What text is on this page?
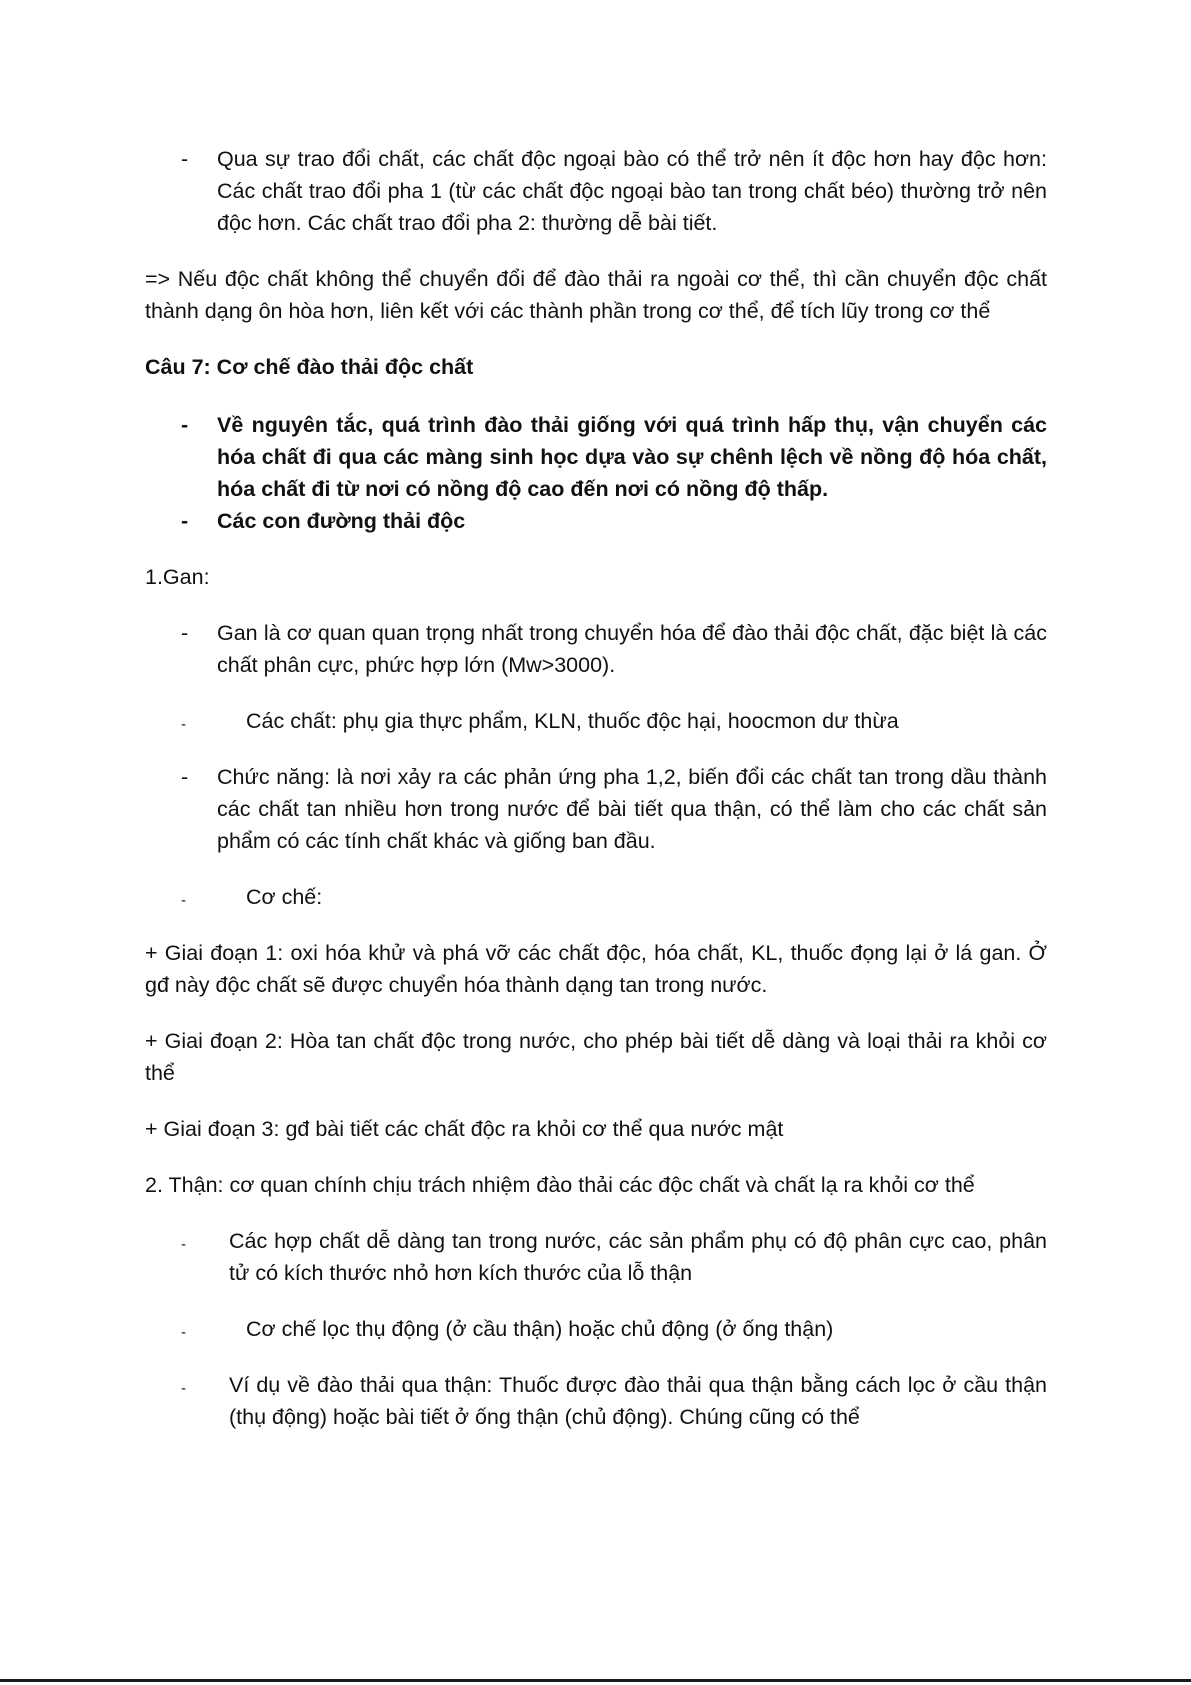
- Qua sự trao đổi chất, các chất độc ngoại bào có thể trở nên ít độc hơn hay độc hơn: Các chất trao đổi pha 1 (từ các chất độc ngoại bào tan trong chất béo) thường trở nên độc hơn. Các chất trao đổi pha 2: thường dễ bài tiết.
=> Nếu độc chất không thể chuyển đổi để đào thải ra ngoài cơ thể, thì cần chuyển độc chất thành dạng ôn hòa hơn, liên kết với các thành phần trong cơ thể, để tích lũy trong cơ thể
Câu 7: Cơ chế đào thải độc chất
- Về nguyên tắc, quá trình đào thải giống với quá trình hấp thụ, vận chuyển các hóa chất đi qua các màng sinh học dựa vào sự chênh lệch về nồng độ hóa chất, hóa chất đi từ nơi có nồng độ cao đến nơi có nồng độ thấp.
- Các con đường thải độc
1.Gan:
- Gan là cơ quan quan trọng nhất trong chuyển hóa để đào thải độc chất, đặc biệt là các chất phân cực, phức hợp lớn (Mw>3000).
-	Các chất: phụ gia thực phẩm, KLN, thuốc độc hại, hoocmon dư thừa
- Chức năng: là nơi xảy ra các phản ứng pha 1,2, biến đổi các chất tan trong dầu thành các chất tan nhiều hơn trong nước để bài tiết qua thận, có thể làm cho các chất sản phẩm có các tính chất khác và giống ban đầu.
-	Cơ chế:
+ Giai đoạn 1: oxi hóa khử và phá vỡ các chất độc, hóa chất, KL, thuốc đọng lại ở lá gan. Ở gđ này độc chất sẽ được chuyển hóa thành dạng tan trong nước.
+ Giai đoạn 2: Hòa tan chất độc trong nước, cho phép bài tiết dễ dàng và loại thải ra khỏi cơ thể
+ Giai đoạn 3: gđ bài tiết các chất độc ra khỏi cơ thể qua nước mật
2. Thận: cơ quan chính chịu trách nhiệm đào thải các độc chất và chất lạ ra khỏi cơ thể
- Các hợp chất dễ dàng tan trong nước, các sản phẩm phụ có độ phân cực cao, phân tử có kích thước nhỏ hơn kích thước của lỗ thận
-	Cơ chế lọc thụ động (ở cầu thận) hoặc chủ động (ở ống thận)
- Ví dụ về đào thải qua thận: Thuốc được đào thải qua thận bằng cách lọc ở cầu thận (thụ động) hoặc bài tiết ở ống thận (chủ động). Chúng cũng có thể
